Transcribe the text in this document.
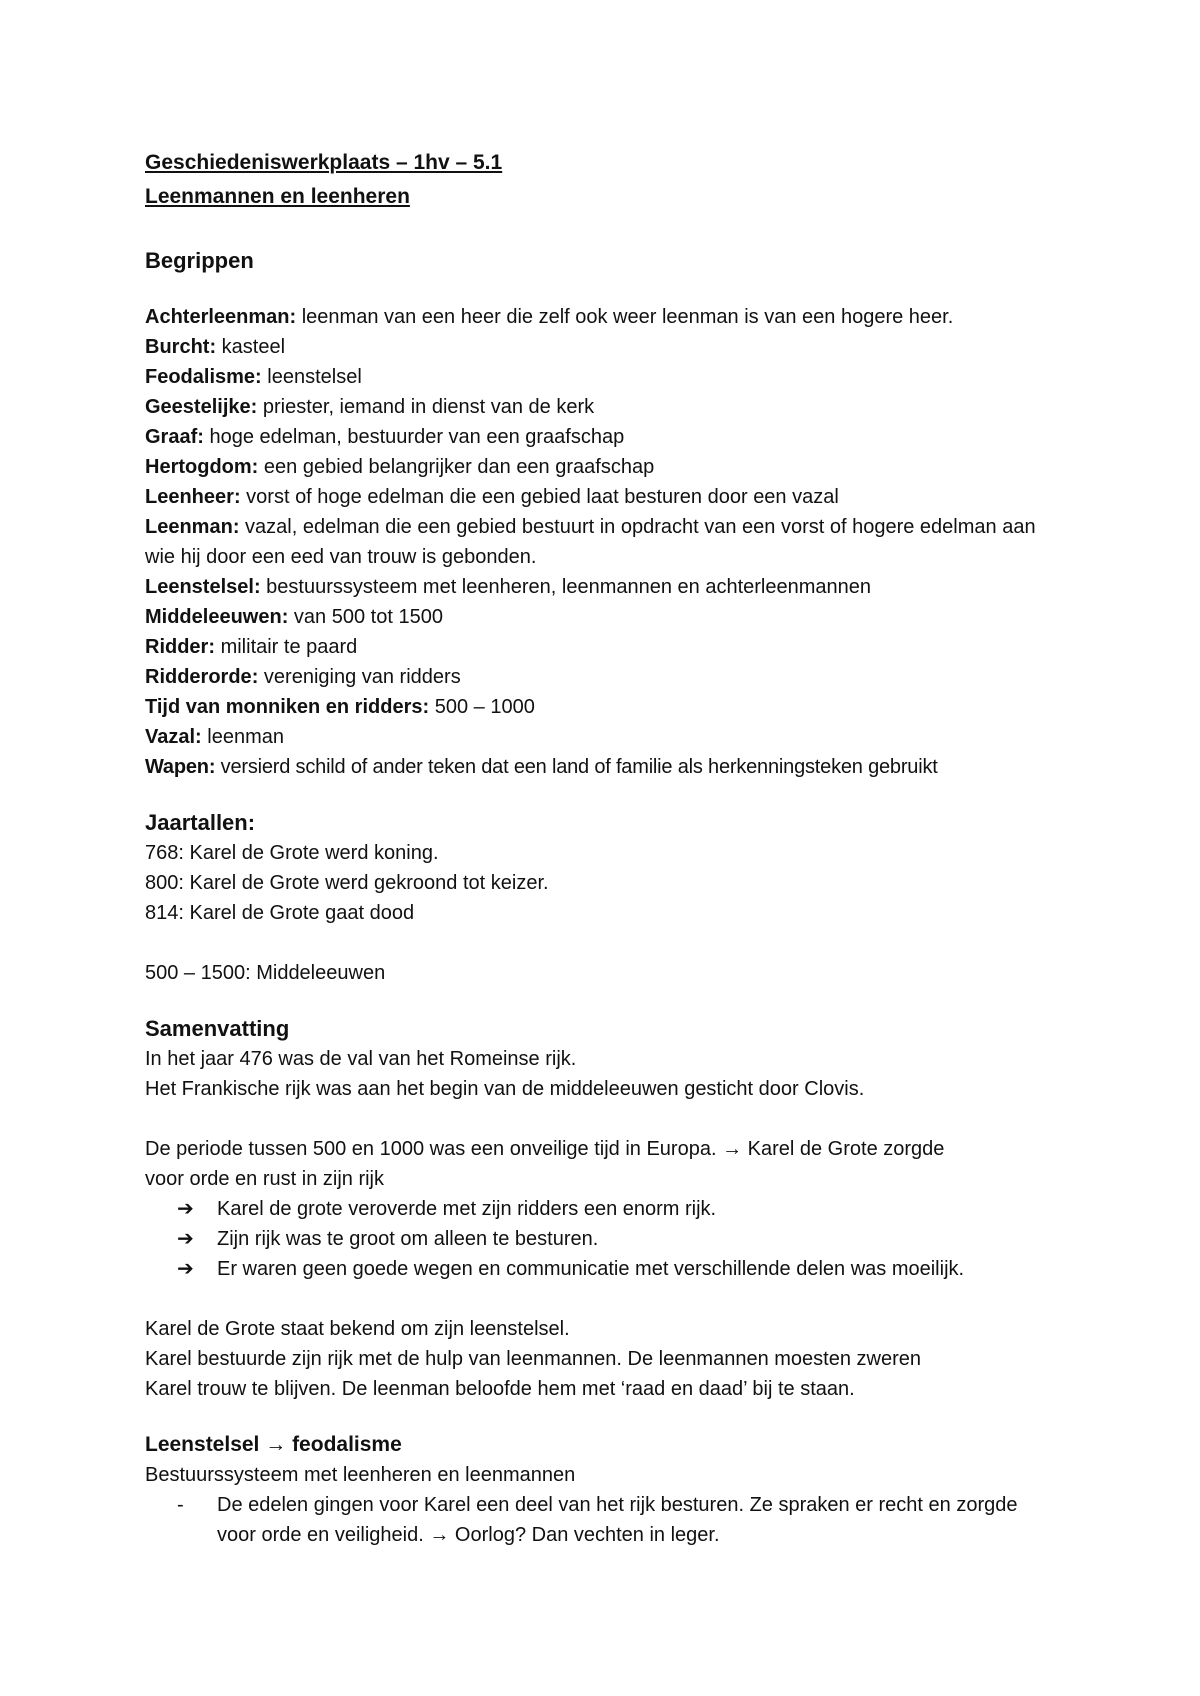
Geschiedeniswerkplaats – 1hv – 5.1
Leenmannen en leenheren
Begrippen
Achterleenman: leenman van een heer die zelf ook weer leenman is van een hogere heer.
Burcht: kasteel
Feodalisme: leenstelsel
Geestelijke: priester, iemand in dienst van de kerk
Graaf: hoge edelman, bestuurder van een graafschap
Hertogdom: een gebied belangrijker dan een graafschap
Leenheer: vorst of hoge edelman die een gebied laat besturen door een vazal
Leenman: vazal, edelman die een gebied bestuurt in opdracht van een vorst of hogere edelman aan wie hij door een eed van trouw is gebonden.
Leenstelsel: bestuurssysteem met leenheren, leenmannen en achterleenmannen
Middeleeuwen: van 500 tot 1500
Ridder: militair te paard
Ridderorde: vereniging van ridders
Tijd van monniken en ridders: 500 – 1000
Vazal: leenman
Wapen: versierd schild of ander teken dat een land of familie als herkenningsteken gebruikt
Jaartallen:
768: Karel de Grote werd koning.
800: Karel de Grote werd gekroond tot keizer.
814: Karel de Grote gaat dood
500 – 1500: Middeleeuwen
Samenvatting
In het jaar 476 was de val van het Romeinse rijk.
Het Frankische rijk was aan het begin van de middeleeuwen gesticht door Clovis.
De periode tussen 500 en 1000 was een onveilige tijd in Europa. → Karel de Grote zorgde
voor orde en rust in zijn rijk
➔ Karel de grote veroverde met zijn ridders een enorm rijk.
➔ Zijn rijk was te groot om alleen te besturen.
➔ Er waren geen goede wegen en communicatie met verschillende delen was moeilijk.
Karel de Grote staat bekend om zijn leenstelsel.
Karel bestuurde zijn rijk met de hulp van leenmannen. De leenmannen moesten zweren
Karel trouw te blijven. De leenman beloofde hem met ‘raad en daad’ bij te staan.
Leenstelsel → feodalisme
Bestuurssysteem met leenheren en leenmannen
- De edelen gingen voor Karel een deel van het rijk besturen. Ze spraken er recht en zorgde voor orde en veiligheid. → Oorlog? Dan vechten in leger.
